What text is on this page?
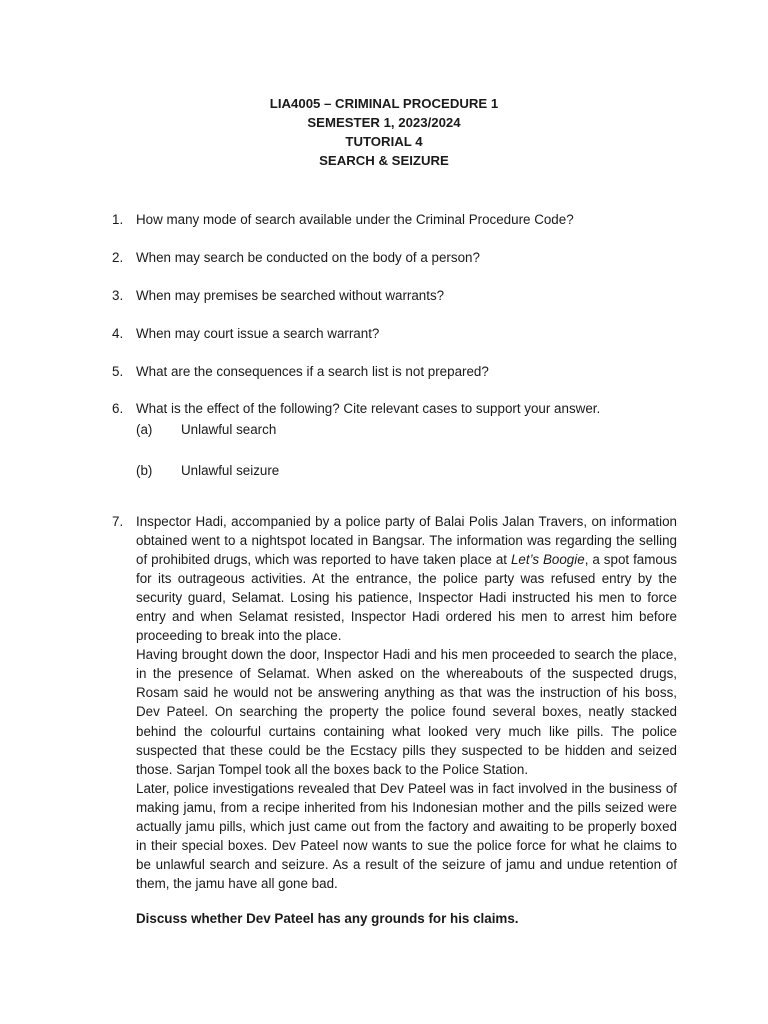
LIA4005 – CRIMINAL PROCEDURE 1
SEMESTER 1, 2023/2024
TUTORIAL 4
SEARCH & SEIZURE
1. How many mode of search available under the Criminal Procedure Code?
2. When may search be conducted on the body of a person?
3. When may premises be searched without warrants?
4. When may court issue a search warrant?
5. What are the consequences if a search list is not prepared?
6. What is the effect of the following? Cite relevant cases to support your answer.
(a) Unlawful search
(b) Unlawful seizure
7. Inspector Hadi, accompanied by a police party of Balai Polis Jalan Travers, on information obtained went to a nightspot located in Bangsar. The information was regarding the selling of prohibited drugs, which was reported to have taken place at Let’s Boogie, a spot famous for its outrageous activities. At the entrance, the police party was refused entry by the security guard, Selamat. Losing his patience, Inspector Hadi instructed his men to force entry and when Selamat resisted, Inspector Hadi ordered his men to arrest him before proceeding to break into the place.

Having brought down the door, Inspector Hadi and his men proceeded to search the place, in the presence of Selamat. When asked on the whereabouts of the suspected drugs, Rosam said he would not be answering anything as that was the instruction of his boss, Dev Pateel. On searching the property the police found several boxes, neatly stacked behind the colourful curtains containing what looked very much like pills. The police suspected that these could be the Ecstacy pills they suspected to be hidden and seized those. Sarjan Tompel took all the boxes back to the Police Station.

Later, police investigations revealed that Dev Pateel was in fact involved in the business of making jamu, from a recipe inherited from his Indonesian mother and the pills seized were actually jamu pills, which just came out from the factory and awaiting to be properly boxed in their special boxes. Dev Pateel now wants to sue the police force for what he claims to be unlawful search and seizure. As a result of the seizure of jamu and undue retention of them, the jamu have all gone bad.

Discuss whether Dev Pateel has any grounds for his claims.
